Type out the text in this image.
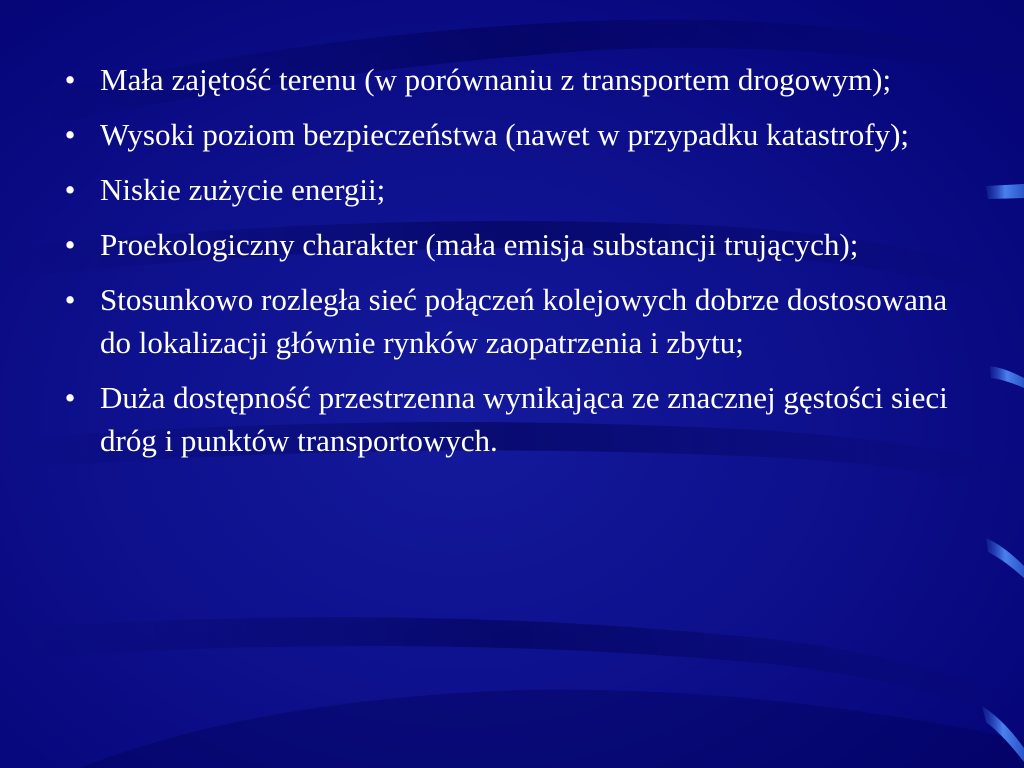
• Mała zajętość terenu (w porównaniu z transportem drogowym);
• Wysoki poziom bezpieczeństwa (nawet w przypadku katastrofy);
• Niskie zużycie energii;
• Proekologiczny charakter (mała emisja substancji trujących);
• Stosunkowo rozległa sieć połączeń kolejowych dobrze dostosowana do lokalizacji głównie rynków zaopatrzenia i zbytu;
• Duża dostępność przestrzenna wynikająca ze znacznej gęstości sieci dróg i punktów transportowych.
